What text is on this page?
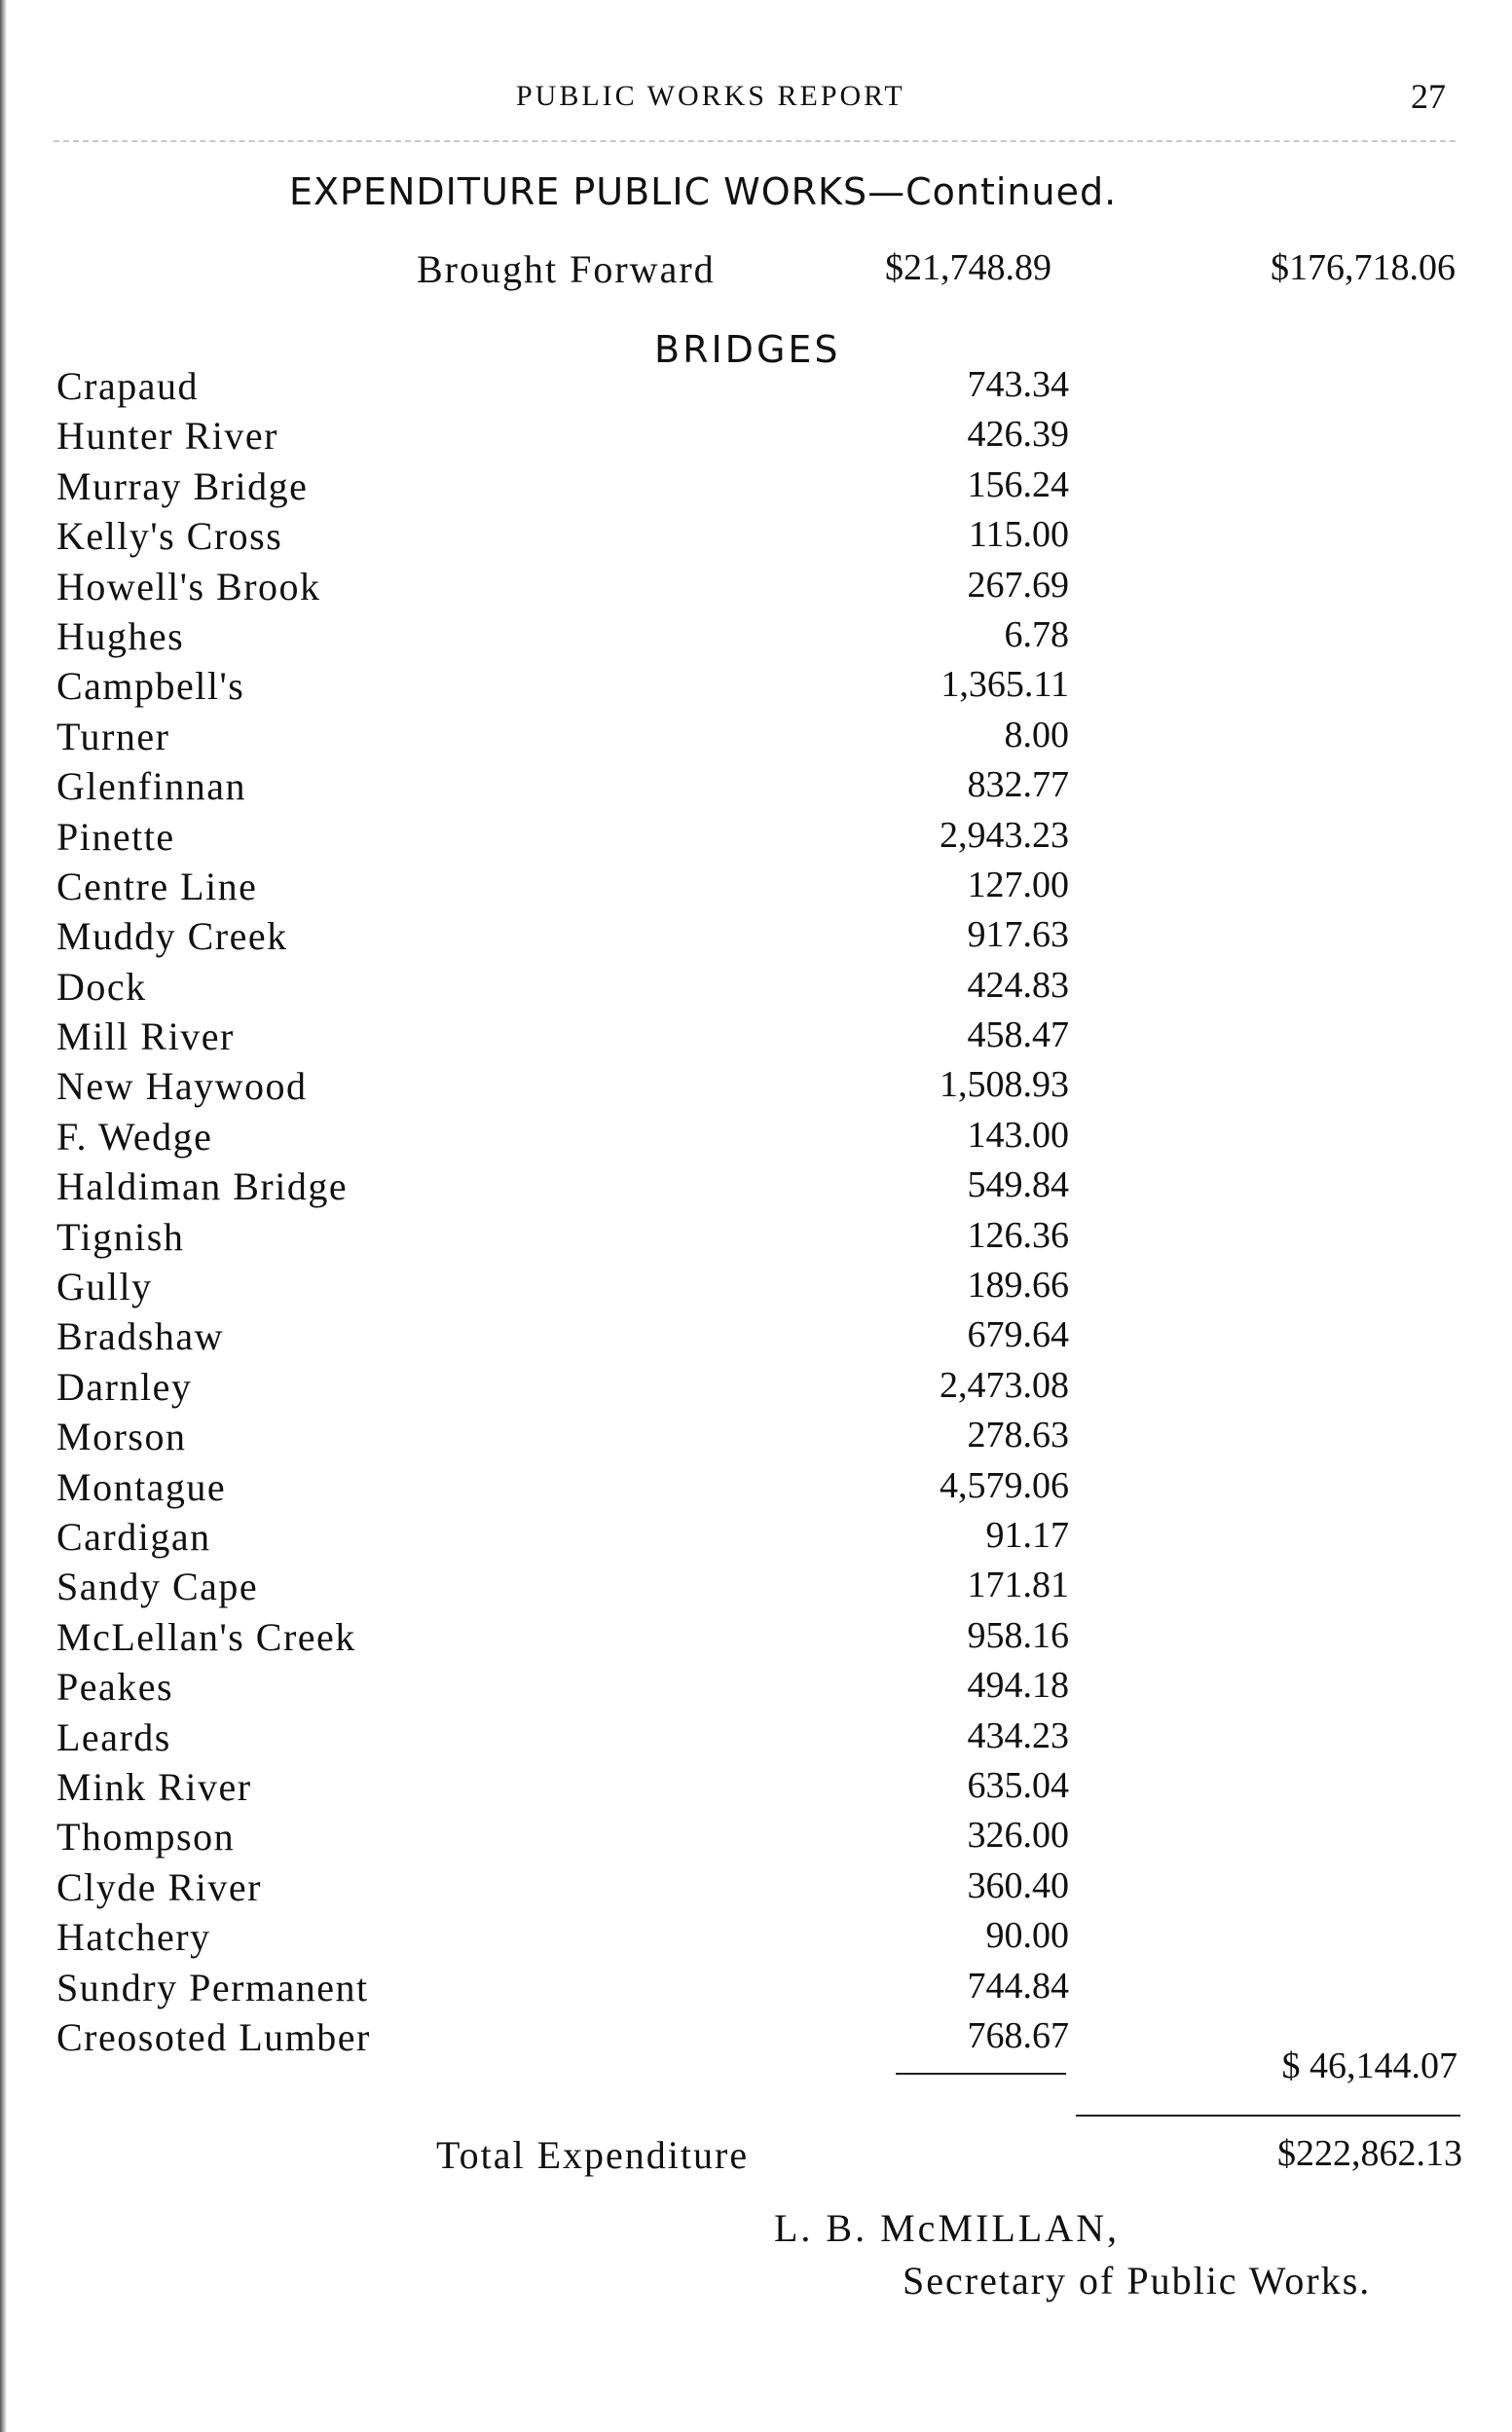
PUBLIC WORKS REPORT	27
EXPENDITURE PUBLIC WORKS—Continued.
Brought Forward	$21,748.89	$176,718.06
BRIDGES
Crapaud	743.34
Hunter River	426.39
Murray Bridge	156.24
Kelly's Cross	115.00
Howell's Brook	267.69
Hughes	6.78
Campbell's	1,365.11
Turner	8.00
Glenfinnan	832.77
Pinette	2,943.23
Centre Line	127.00
Muddy Creek	917.63
Dock	424.83
Mill River	458.47
New Haywood	1,508.93
F. Wedge	143.00
Haldiman Bridge	549.84
Tignish	126.36
Gully	189.66
Bradshaw	679.64
Darnley	2,473.08
Morson	278.63
Montague	4,579.06
Cardigan	91.17
Sandy Cape	171.81
McLellan's Creek	958.16
Peakes	494.18
Leards	434.23
Mink River	635.04
Thompson	326.00
Clyde River	360.40
Hatchery	90.00
Sundry Permanent	744.84
Creosoted Lumber	768.67
$ 46,144.07
Total Expenditure	$222,862.13
L. B. McMILLAN,
Secretary of Public Works.
